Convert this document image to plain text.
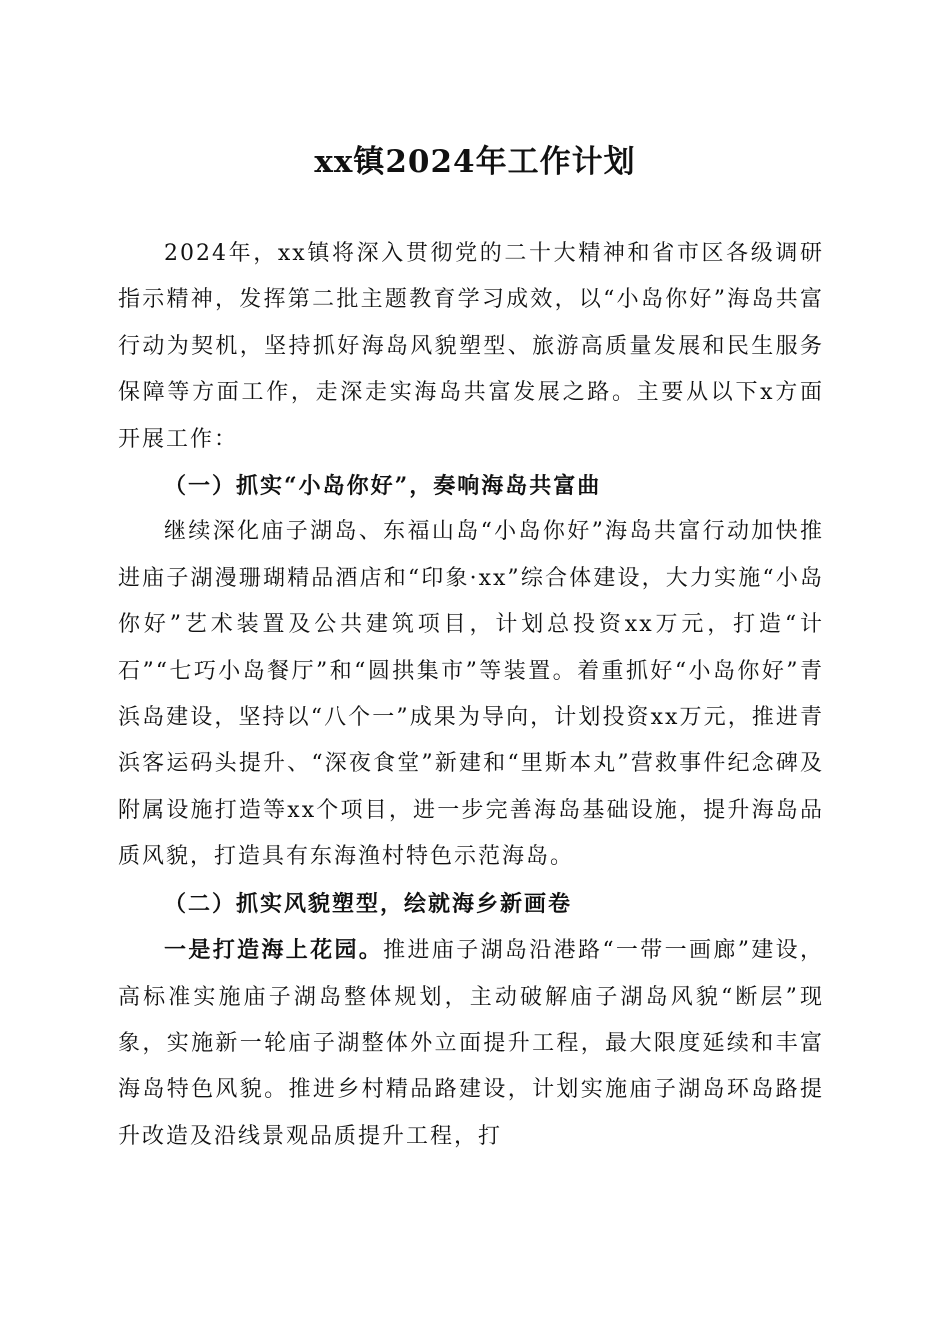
xx镇2024年工作计划

2024年，xx镇将深入贯彻党的二十大精神和省市区各级调研指示精神，发挥第二批主题教育学习成效，以“小岛你好”海岛共富行动为契机，坚持抓好海岛风貌塑型、旅游高质量发展和民生服务保障等方面工作，走深走实海岛共富发展之路。主要从以下x方面开展工作：

（一）抓实“小岛你好”，奏响海岛共富曲

继续深化庙子湖岛、东福山岛“小岛你好”海岛共富行动加快推进庙子湖漫珊瑚精品酒店和“印象·xx”综合体建设，大力实施“小岛你好”艺术装置及公共建筑项目，计划总投资xx万元，打造“计石”“七巧小岛餐厅”和“圆拱集市”等装置。着重抓好“小岛你好”青浜岛建设，坚持以“八个一”成果为导向，计划投资xx万元，推进青浜客运码头提升、“深夜食堂”新建和“里斯本丸”营救事件纪念碑及附属设施打造等xx个项目，进一步完善海岛基础设施，提升海岛品质风貌，打造具有东海渔村特色示范海岛。

（二）抓实风貌塑型，绘就海乡新画卷

一是打造海上花园。推进庙子湖岛沿港路“一带一画廊”建设，高标准实施庙子湖岛整体规划，主动破解庙子湖岛风貌“断层”现象，实施新一轮庙子湖整体外立面提升工程，最大限度延续和丰富海岛特色风貌。推进乡村精品路建设，计划实施庙子湖岛环岛路提升改造及沿线景观品质提升工程，打
